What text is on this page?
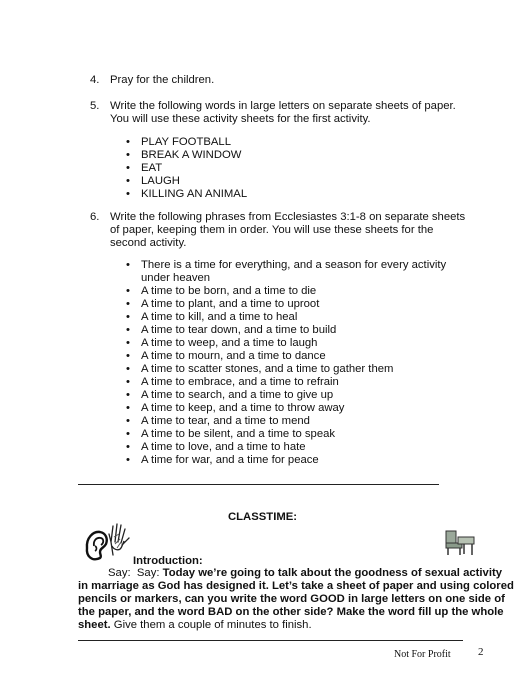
4. Pray for the children.
5. Write the following words in large letters on separate sheets of paper.
You will use these activity sheets for the first activity.
• PLAY FOOTBALL
• BREAK A WINDOW
• EAT
• LAUGH
• KILLING AN ANIMAL
6. Write the following phrases from Ecclesiastes 3:1-8 on separate sheets
of paper, keeping them in order. You will use these sheets for the
second activity.
• There is a time for everything, and a season for every activity
under heaven
• A time to be born, and a time to die
• A time to plant, and a time to uproot
• A time to kill, and a time to heal
• A time to tear down, and a time to build
• A time to weep, and a time to laugh
• A time to mourn, and a time to dance
• A time to scatter stones, and a time to gather them
• A time to embrace, and a time to refrain
• A time to search, and a time to give up
• A time to keep, and a time to throw away
• A time to tear, and a time to mend
• A time to be silent, and a time to speak
• A time to love, and a time to hate
• A time for war, and a time for peace
CLASSTIME:
Introduction:
Say: Say: Today we’re going to talk about the goodness of sexual activity
in marriage as God has designed it. Let’s take a sheet of paper and using colored
pencils or markers, can you write the word GOOD in large letters on one side of
the paper, and the word BAD on the other side? Make the word fill up the whole
sheet. Give them a couple of minutes to finish.
Not For Profit 2
